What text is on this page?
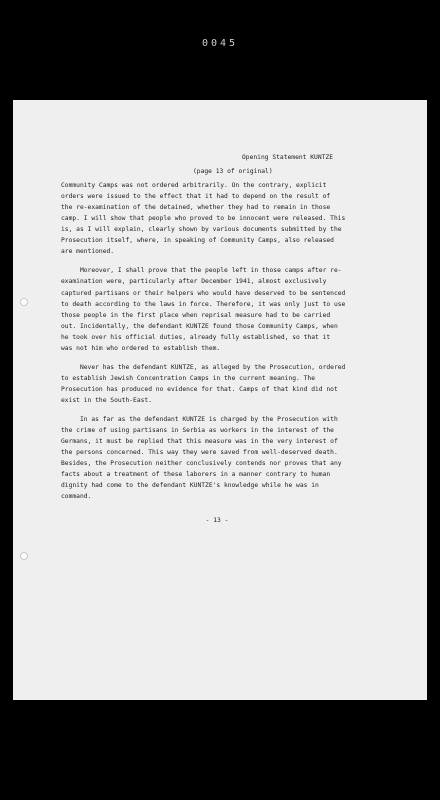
0045
Opening Statement KUNTZE
(page 13 of original)
Community Camps was not ordered arbitrarily. On the contrary, explicit
orders were issued to the effect that it had to depend on the result of
the re-examination of the detained, whether they had to remain in those
camp. I will show that people who proved to be innocent were released. This
is, as I will explain, clearly shown by various documents submitted by the
Prosecution itself, where, in speaking of Community Camps, also released
are mentioned.
Moreover, I shall prove that the people left in those camps after re-
examination were, particularly after December 1941, almost exclusively
captured partisans or their helpers who would have deserved to be sentenced
to death according to the laws in force. Therefore, it was only just to use
those people in the first place when reprisal measure had to be carried
out. Incidentally, the defendant KUNTZE found those Community Camps, when
he took over his official duties, already fully established, so that it
was not him who ordered to establish them.
Never has the defendant KUNTZE, as alleged by the Prosecution, ordered
to establish Jewish Concentration Camps in the current meaning. The
Prosecution has produced no evidence for that. Camps of that kind did not
exist in the South-East.
In as far as the defendant KUNTZE is charged by the Prosecution with
the crime of using partisans in Serbia as workers in the interest of the
Germans, it must be replied that this measure was in the very interest of
the persons concerned. This way they were saved from well-deserved death.
Besides, the Prosecution neither conclusively contends nor proves that any
facts about a treatment of these laborers in a manner contrary to human
dignity had come to the defendant KUNTZE's knowledge while he was in
command.
- 13 -
